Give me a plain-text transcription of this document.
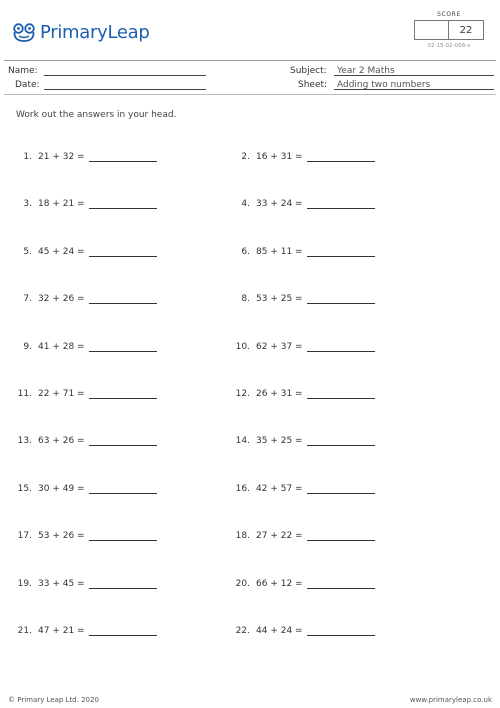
PrimaryLeap
SCORE
22
02-15-02-008-s
Name:
Date:
Subject:	Year 2 Maths
Sheet:	Adding two numbers
Work out the answers in your head.
1. 21 + 32 =	2. 16 + 31 =
3. 18 + 21 =	4. 33 + 24 =
5. 45 + 24 =	6. 85 + 11 =
7. 32 + 26 =	8. 53 + 25 =
9. 41 + 28 =	10. 62 + 37 =
11. 22 + 71 =	12. 26 + 31 =
13. 63 + 26 =	14. 35 + 25 =
15. 30 + 49 =	16. 42 + 57 =
17. 53 + 26 =	18. 27 + 22 =
19. 33 + 45 =	20. 66 + 12 =
21. 47 + 21 =	22. 44 + 24 =
© Primary Leap Ltd. 2020	www.primaryleap.co.uk
